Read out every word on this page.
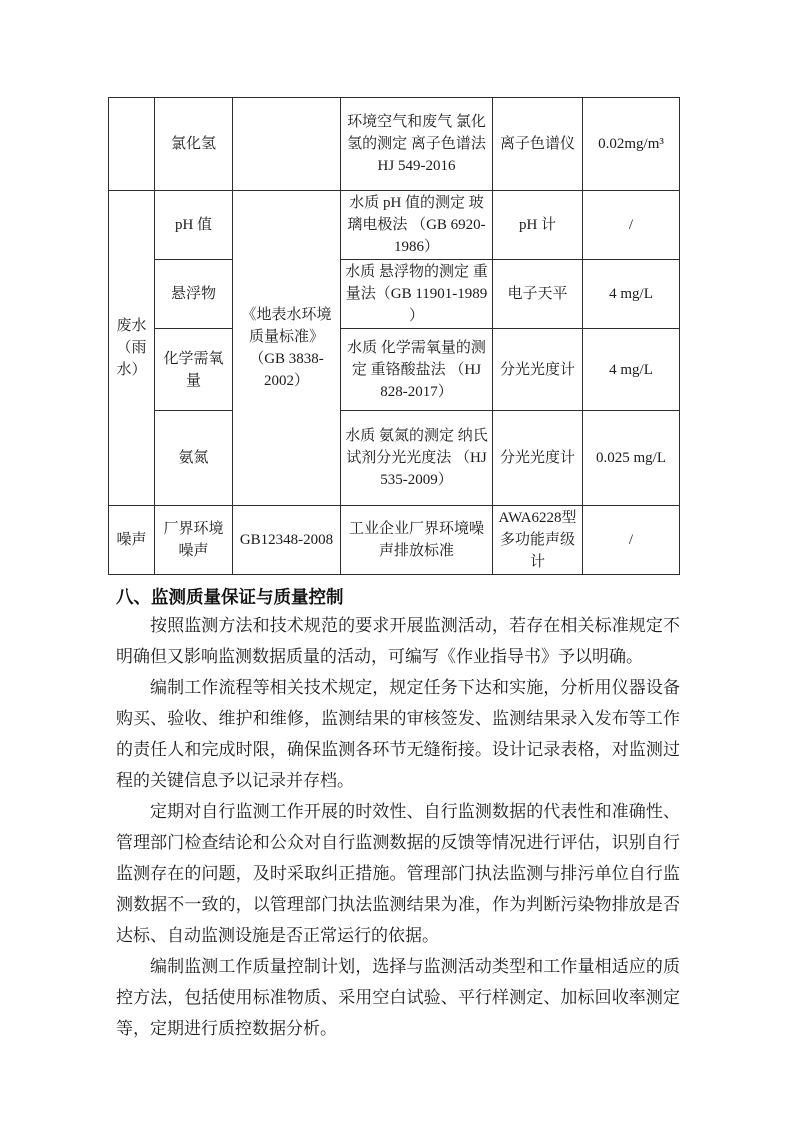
	氯化氢		环境空气和废气 氯化氢的测定 离子色谱法 HJ 549-2016	离子色谱仪	0.02mg/m³
废水（雨水）	pH 值	《地表水环境质量标准》（GB 3838-2002）	水质 pH 值的测定 玻璃电极法 （GB 6920-1986）	pH 计	/
	悬浮物		水质 悬浮物的测定 重量法（GB 11901-1989 ）	电子天平	4 mg/L
	化学需氧量		水质 化学需氧量的测定 重铬酸盐法 （HJ 828-2017）	分光光度计	4 mg/L
	氨氮		水质 氨氮的测定 纳氏试剂分光光度法 （HJ 535-2009）	分光光度计	0.025 mg/L
噪声	厂界环境噪声	GB12348-2008	工业企业厂界环境噪声排放标准	AWA6228型多功能声级计	/
八、监测质量保证与质量控制

按照监测方法和技术规范的要求开展监测活动，若存在相关标准规定不明确但又影响监测数据质量的活动，可编写《作业指导书》予以明确。

编制工作流程等相关技术规定，规定任务下达和实施，分析用仪器设备购买、验收、维护和维修，监测结果的审核签发、监测结果录入发布等工作的责任人和完成时限，确保监测各环节无缝衔接。设计记录表格，对监测过程的关键信息予以记录并存档。

定期对自行监测工作开展的时效性、自行监测数据的代表性和准确性、管理部门检查结论和公众对自行监测数据的反馈等情况进行评估，识别自行监测存在的问题，及时采取纠正措施。管理部门执法监测与排污单位自行监测数据不一致的，以管理部门执法监测结果为准，作为判断污染物排放是否达标、自动监测设施是否正常运行的依据。

编制监测工作质量控制计划，选择与监测活动类型和工作量相适应的质控方法，包括使用标准物质、采用空白试验、平行样测定、加标回收率测定等，定期进行质控数据分析。
